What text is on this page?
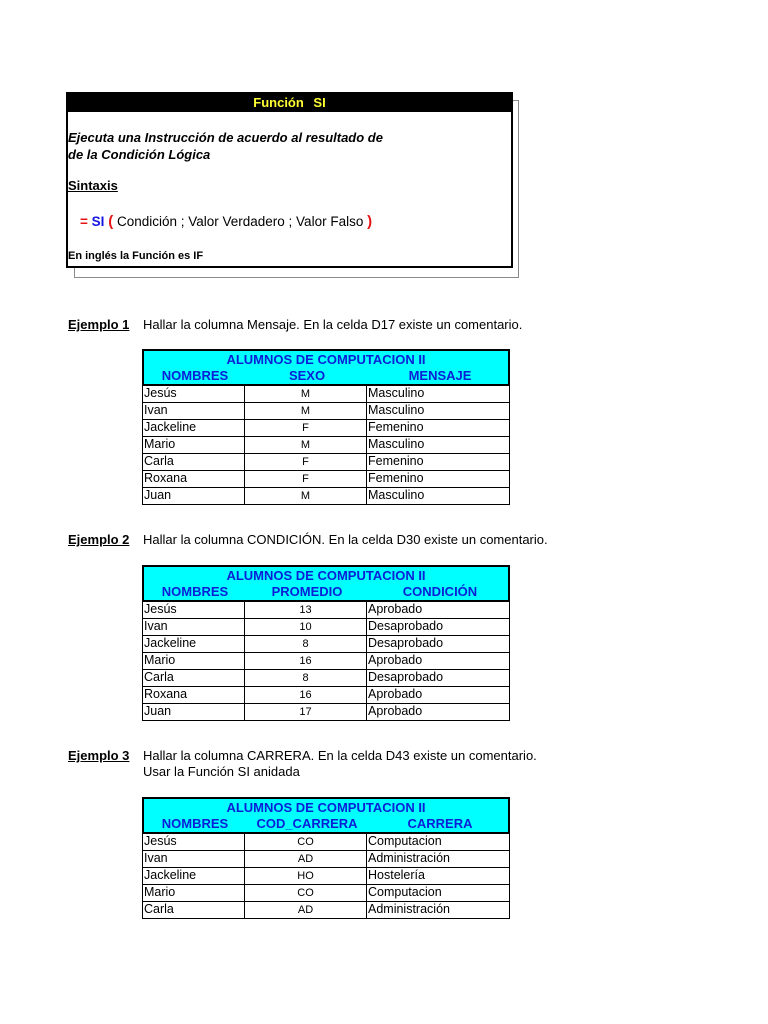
Función SI
Ejecuta una Instrucción de acuerdo al resultado de
de la Condición Lógica
Sintaxis
= SI ( Condición ; Valor Verdadero ; Valor Falso )
En inglés la Función es IF
Ejemplo 1 Hallar la columna Mensaje. En la celda D17 existe un comentario.
ALUMNOS DE COMPUTACION II
NOMBRES	SEXO	MENSAJE
Jesús	M	Masculino
Ivan	M	Masculino
Jackeline	F	Femenino
Mario	M	Masculino
Carla	F	Femenino
Roxana	F	Femenino
Juan	M	Masculino
Ejemplo 2 Hallar la columna CONDICIÓN. En la celda D30 existe un comentario.
ALUMNOS DE COMPUTACION II
NOMBRES	PROMEDIO	CONDICIÓN
Jesús	13	Aprobado
Ivan	10	Desaprobado
Jackeline	8	Desaprobado
Mario	16	Aprobado
Carla	8	Desaprobado
Roxana	16	Aprobado
Juan	17	Aprobado
Ejemplo 3 Hallar la columna CARRERA. En la celda D43 existe un comentario.
Usar la Función SI anidada
ALUMNOS DE COMPUTACION II
NOMBRES	COD_CARRERA	CARRERA
Jesús	CO	Computacion
Ivan	AD	Administración
Jackeline	HO	Hostelería
Mario	CO	Computacion
Carla	AD	Administración
